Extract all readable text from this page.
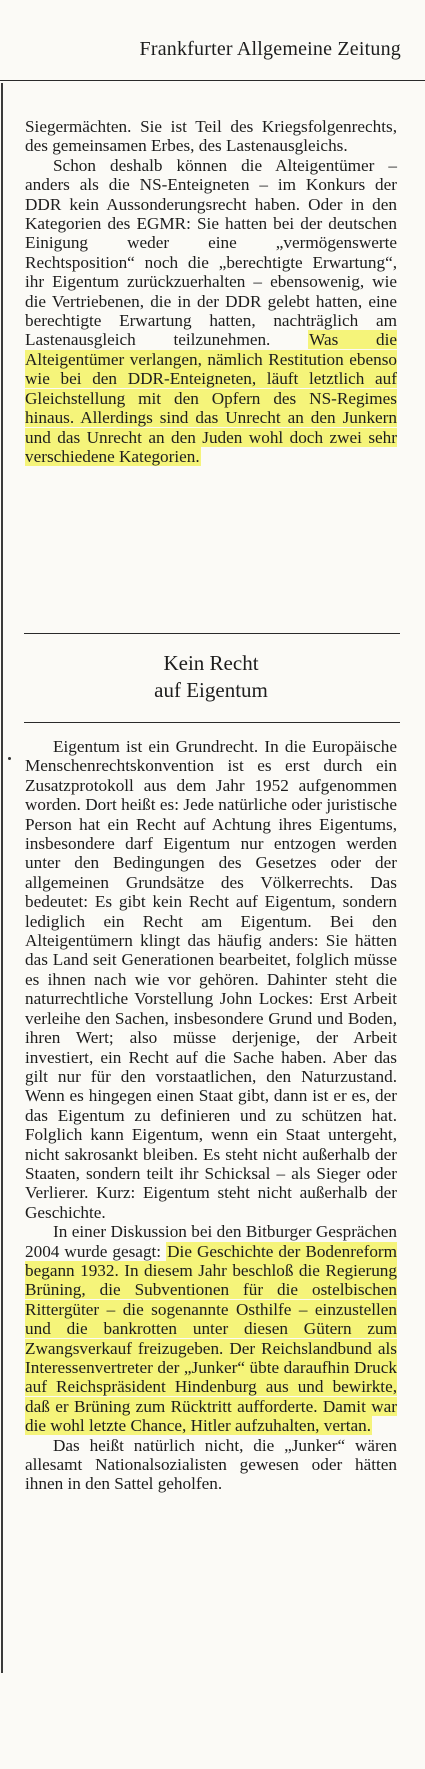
Frankfurter Allgemeine Zeitung

Siegermächten. Sie ist Teil des Kriegsfolgenrechts, des gemeinsamen Erbes, des Lastenausgleichs.

Schon deshalb können die Alteigentümer – anders als die NS-Enteigneten – im Konkurs der DDR kein Aussonderungsrecht haben. Oder in den Kategorien des EGMR: Sie hatten bei der deutschen Einigung weder eine „vermögenswerte Rechtsposition“ noch die „berechtigte Erwartung“, ihr Eigentum zurückzuerhalten – ebensowenig, wie die Vertriebenen, die in der DDR gelebt hatten, eine berechtigte Erwartung hatten, nachträglich am Lastenausgleich teilzunehmen. Was die Alteigentümer verlangen, nämlich Restitution ebenso wie bei den DDR-Enteigneten, läuft letztlich auf Gleichstellung mit den Opfern des NS-Regimes hinaus. Allerdings sind das Unrecht an den Junkern und das Unrecht an den Juden wohl doch zwei sehr verschiedene Kategorien.

Kein Recht
auf Eigentum

Eigentum ist ein Grundrecht. In die Europäische Menschenrechtskonvention ist es erst durch ein Zusatzprotokoll aus dem Jahr 1952 aufgenommen worden. Dort heißt es: Jede natürliche oder juristische Person hat ein Recht auf Achtung ihres Eigentums, insbesondere darf Eigentum nur entzogen werden unter den Bedingungen des Gesetzes oder der allgemeinen Grundsätze des Völkerrechts. Das bedeutet: Es gibt kein Recht auf Eigentum, sondern lediglich ein Recht am Eigentum. Bei den Alteigentümern klingt das häufig anders: Sie hätten das Land seit Generationen bearbeitet, folglich müsse es ihnen nach wie vor gehören. Dahinter steht die naturrechtliche Vorstellung John Lockes: Erst Arbeit verleihe den Sachen, insbesondere Grund und Boden, ihren Wert; also müsse derjenige, der Arbeit investiert, ein Recht auf die Sache haben. Aber das gilt nur für den vorstaatlichen, den Naturzustand. Wenn es hingegen einen Staat gibt, dann ist er es, der das Eigentum zu definieren und zu schützen hat. Folglich kann Eigentum, wenn ein Staat untergeht, nicht sakrosankt bleiben. Es steht nicht außerhalb der Staaten, sondern teilt ihr Schicksal – als Sieger oder Verlierer. Kurz: Eigentum steht nicht außerhalb der Geschichte.

In einer Diskussion bei den Bitburger Gesprächen 2004 wurde gesagt: Die Geschichte der Bodenreform begann 1932. In diesem Jahr beschloß die Regierung Brüning, die Subventionen für die ostelbischen Rittergüter – die sogenannte Osthilfe – einzustellen und die bankrotten unter diesen Gütern zum Zwangsverkauf freizugeben. Der Reichslandbund als Interessenvertreter der „Junker“ übte daraufhin Druck auf Reichspräsident Hindenburg aus und bewirkte, daß er Brüning zum Rücktritt aufforderte. Damit war die wohl letzte Chance, Hitler aufzuhalten, vertan.

Das heißt natürlich nicht, die „Junker“ wären allesamt Nationalsozialisten gewesen oder hätten ihnen in den Sattel geholfen.
